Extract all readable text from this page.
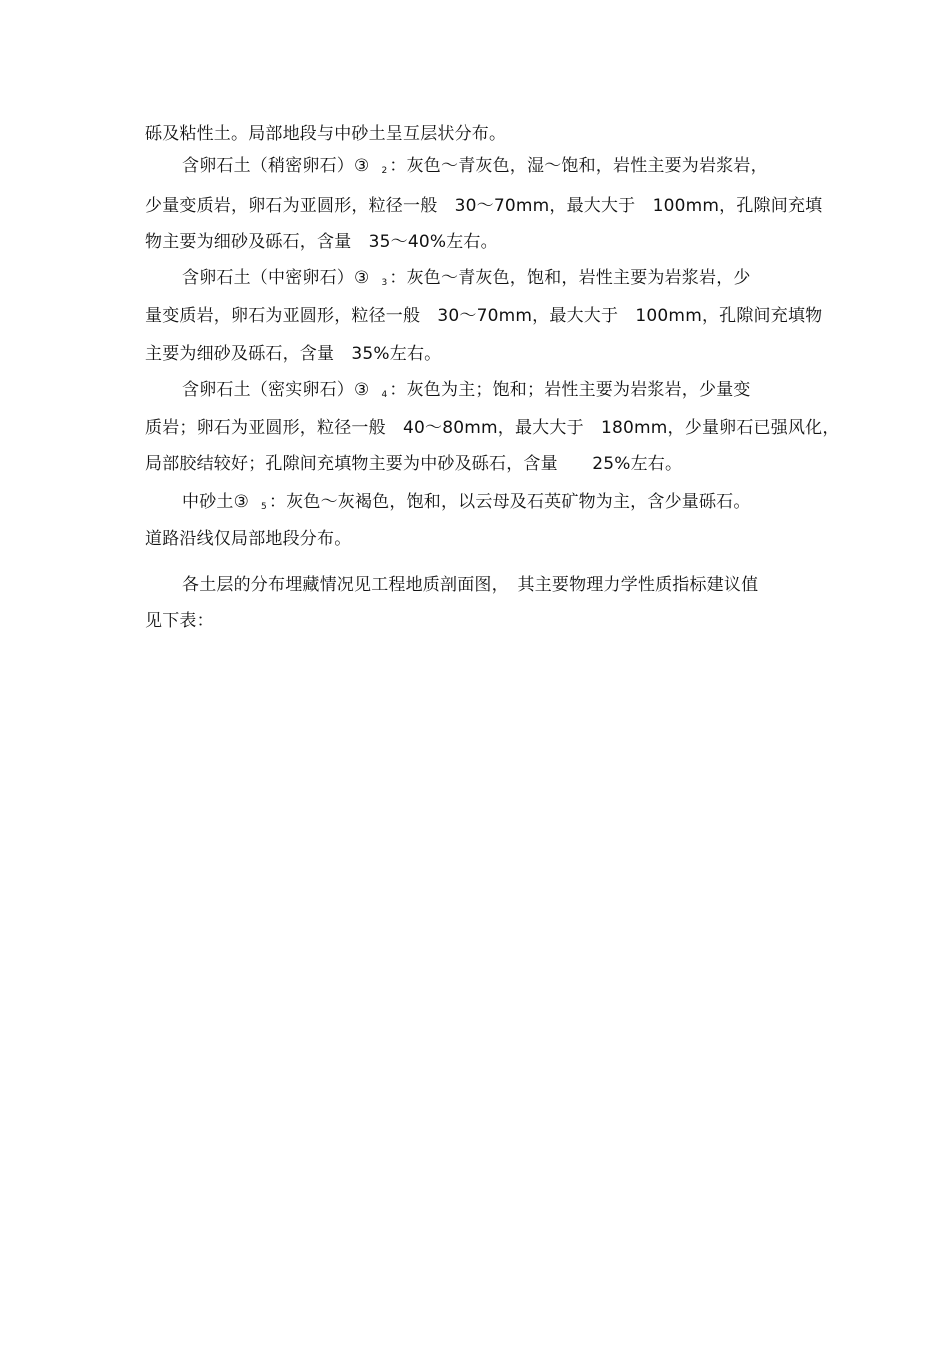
砾及粘性土。局部地段与中砂土呈互层状分布。
含卵石土（稍密卵石）③ $_2$ ：灰色～青灰色，湿～饱和，岩性主要为岩浆岩，
少量变质岩，卵石为亚圆形，粒径一般　30～70mm，最大大于　100mm，孔隙间充填
物主要为细砂及砾石，含量　35～40%左右。
含卵石土（中密卵石）③ $_3$ ：灰色～青灰色，饱和，岩性主要为岩浆岩，少
量变质岩，卵石为亚圆形，粒径一般　30～70mm，最大大于　100mm，孔隙间充填物
主要为细砂及砾石，含量　35%左右。
含卵石土（密实卵石）③ $_4$ ：灰色为主；饱和；岩性主要为岩浆岩，少量变
质岩；卵石为亚圆形，粒径一般　40～80mm，最大大于　180mm，少量卵石已强风化，
局部胶结较好；孔隙间充填物主要为中砂及砾石，含量　　25%左右。
中砂土③ $_5$ ：灰色～灰褐色，饱和，以云母及石英矿物为主，含少量砾石。
道路沿线仅局部地段分布。
各土层的分布埋藏情况见工程地质剖面图，　其主要物理力学性质指标建议值
见下表：
